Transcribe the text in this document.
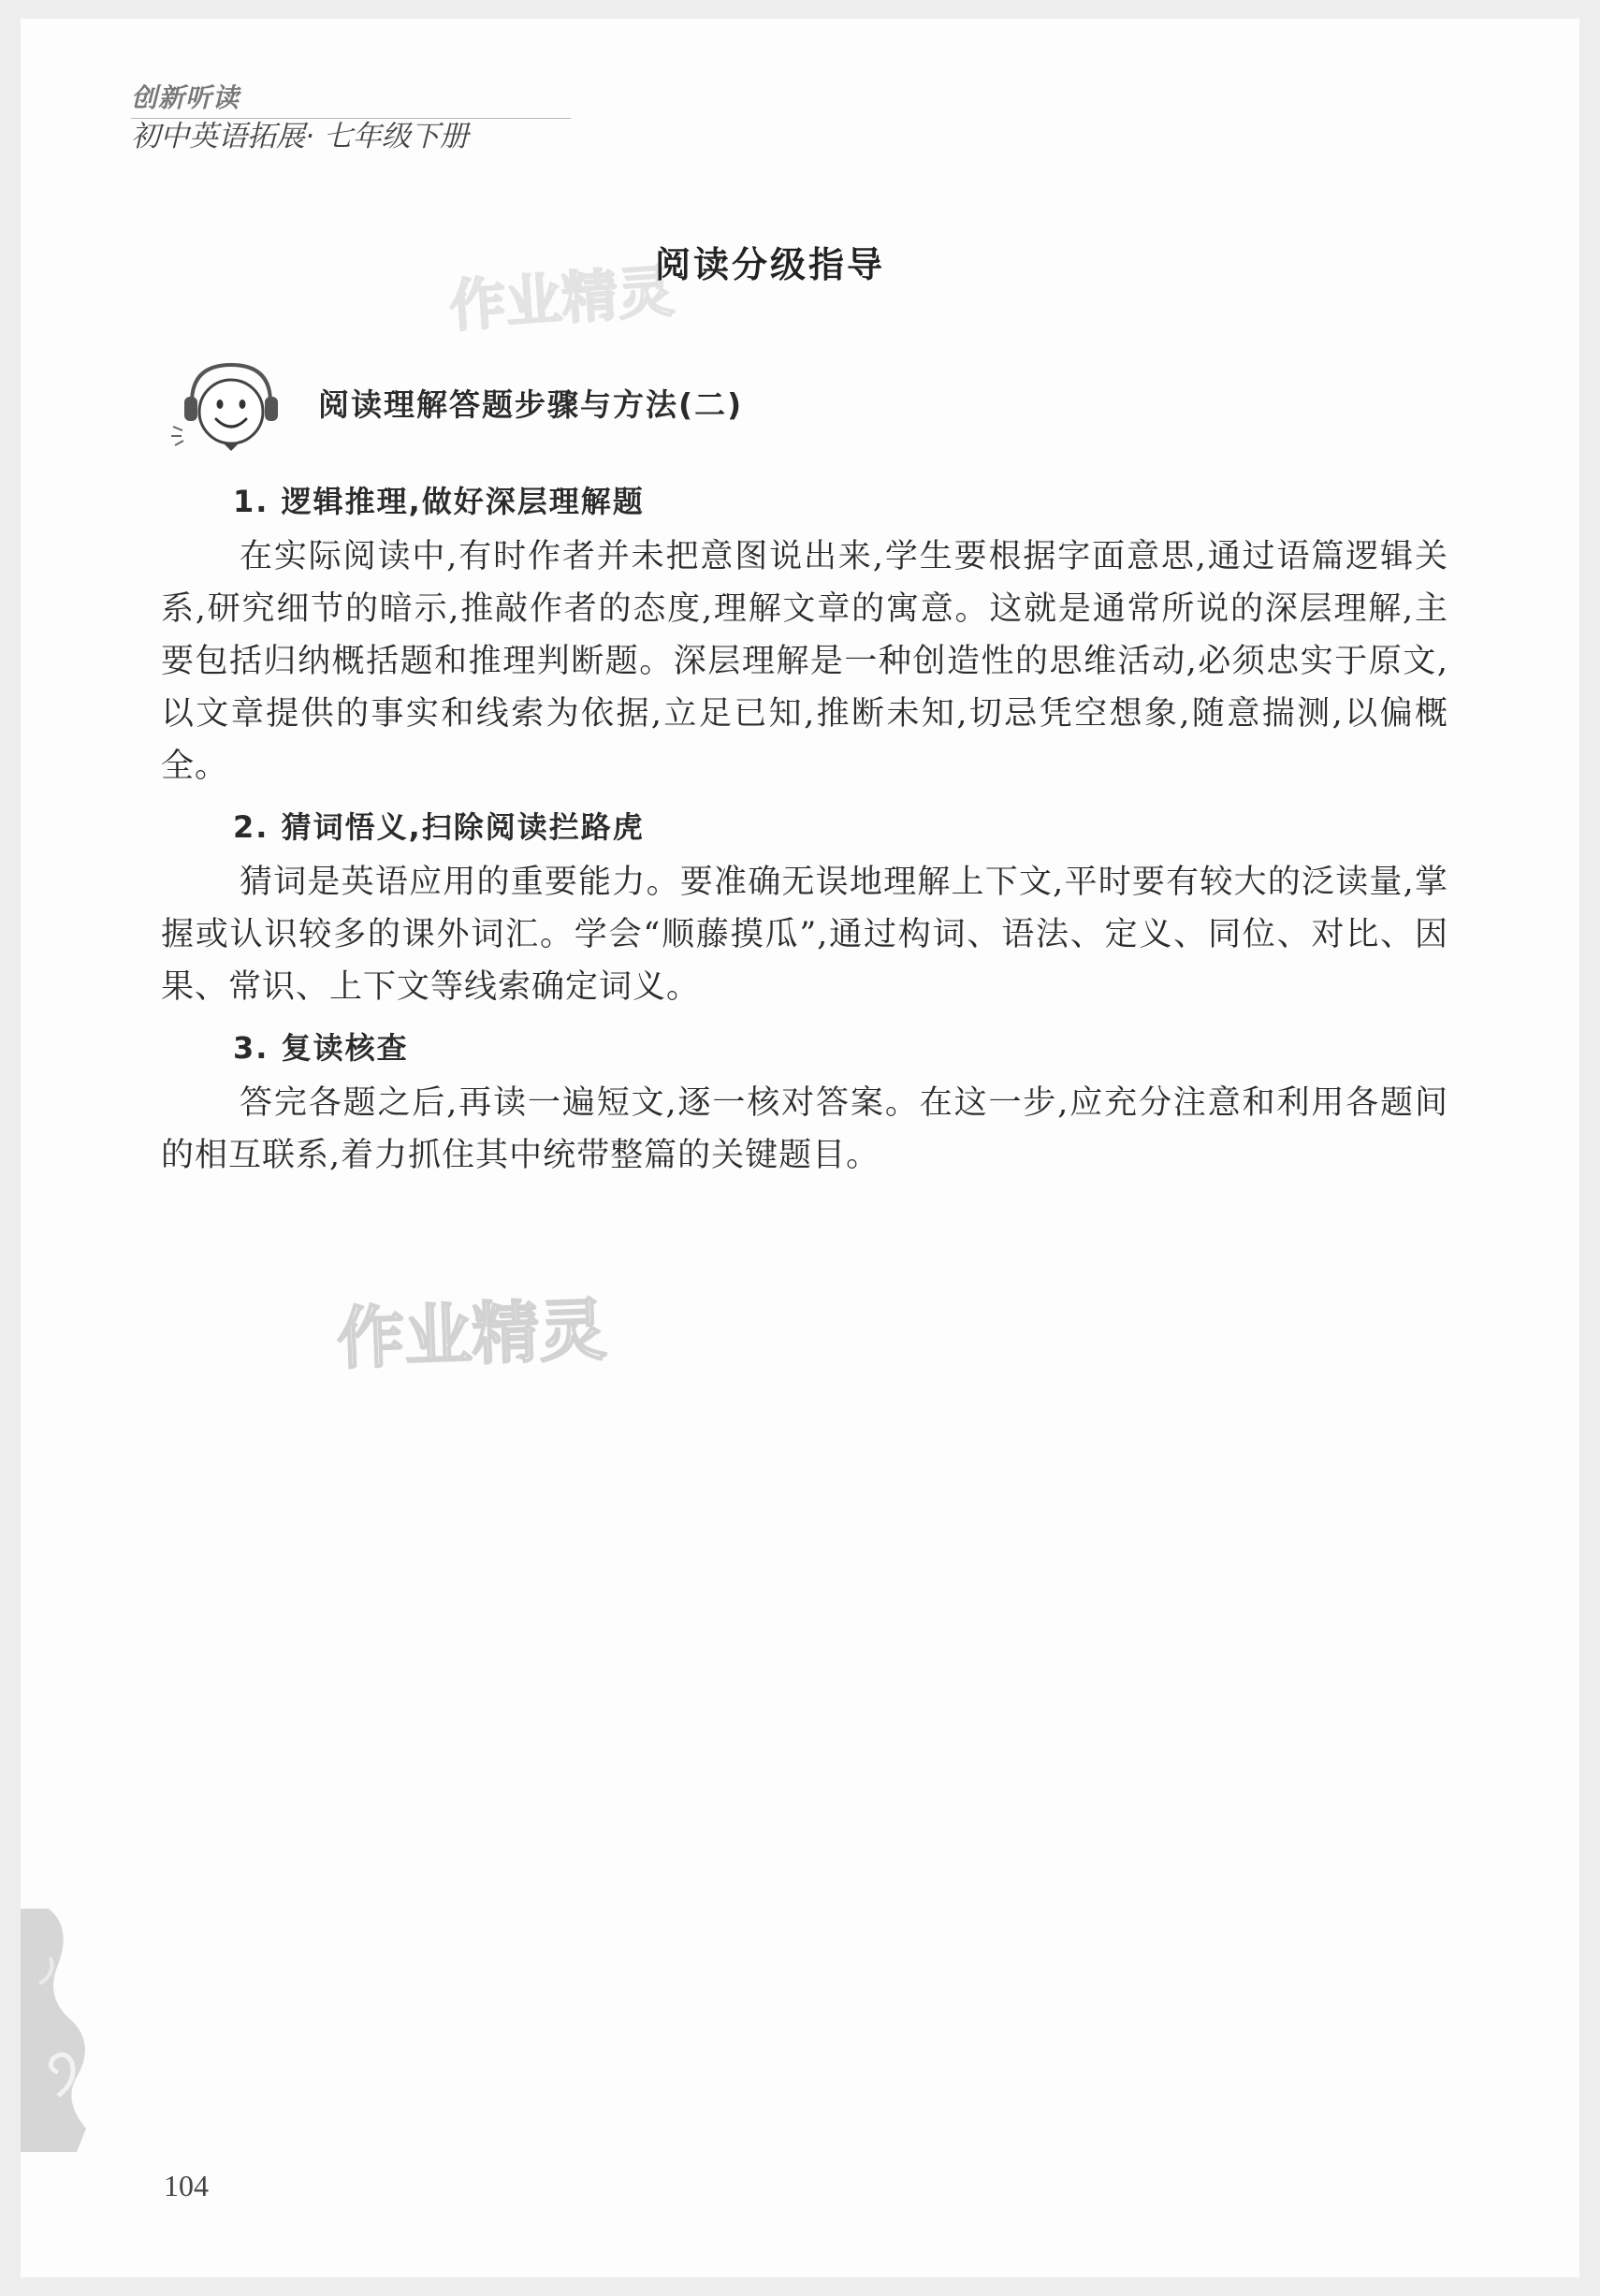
创新听读
初中英语拓展· 七年级下册
阅读分级指导
阅读理解答题步骤与方法(二)
1. 逻辑推理,做好深层理解题

在实际阅读中,有时作者并未把意图说出来,学生要根据字面意思,通过语篇逻辑关系,研究细节的暗示,推敲作者的态度,理解文章的寓意。这就是通常所说的深层理解,主要包括归纳概括题和推理判断题。深层理解是一种创造性的思维活动,必须忠实于原文,以文章提供的事实和线索为依据,立足已知,推断未知,切忌凭空想象,随意揣测,以偏概全。

2. 猜词悟义,扫除阅读拦路虎

猜词是英语应用的重要能力。要准确无误地理解上下文,平时要有较大的泛读量,掌握或认识较多的课外词汇。学会“顺藤摸瓜”,通过构词、语法、定义、同位、对比、因果、常识、上下文等线索确定词义。

3. 复读核查

答完各题之后,再读一遍短文,逐一核对答案。在这一步,应充分注意和利用各题间的相互联系,着力抓住其中统带整篇的关键题目。

104
